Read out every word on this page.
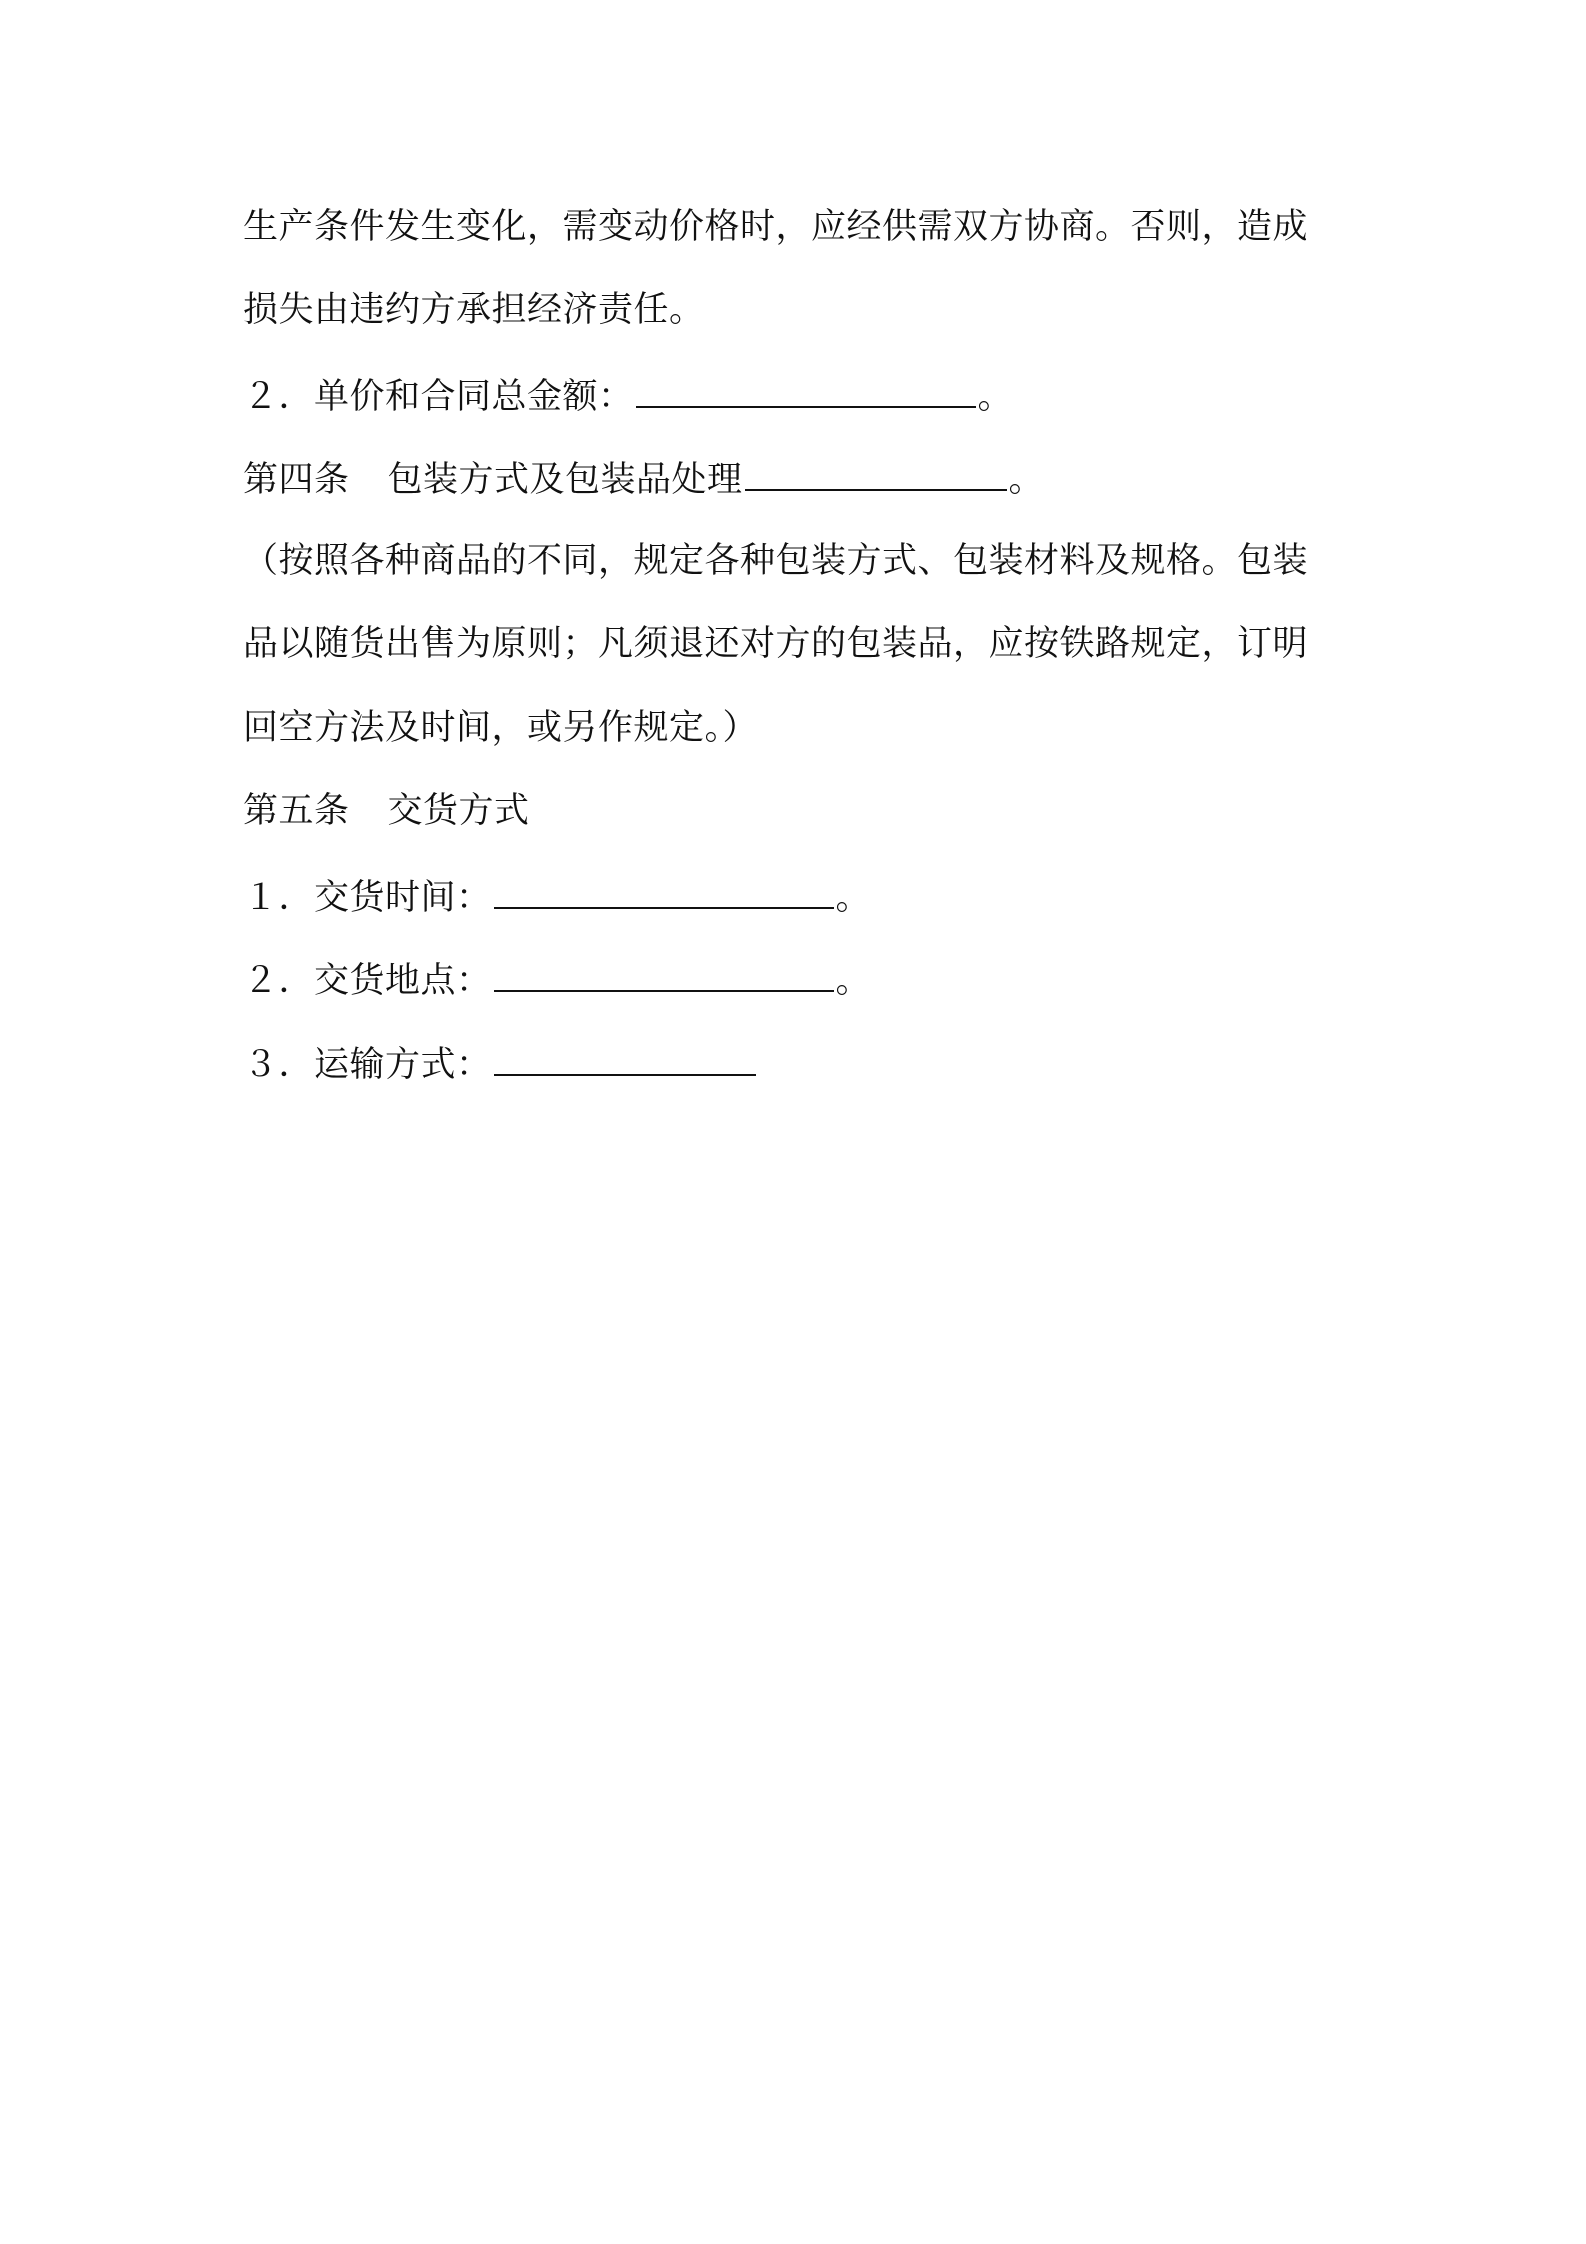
生产条件发生变化，需变动价格时，应经供需双方协商。否则，造成
损失由违约方承担经济责任。
２．单价和合同总金额：	。
第四条 包装方式及包装品处理	。
（按照各种商品的不同，规定各种包装方式、包装材料及规格。包装
品以随货出售为原则；凡须退还对方的包装品，应按铁路规定，订明
回空方法及时间，或另作规定。）
第五条 交货方式
１．交货时间：	。
２．交货地点：	。
３．运输方式：
